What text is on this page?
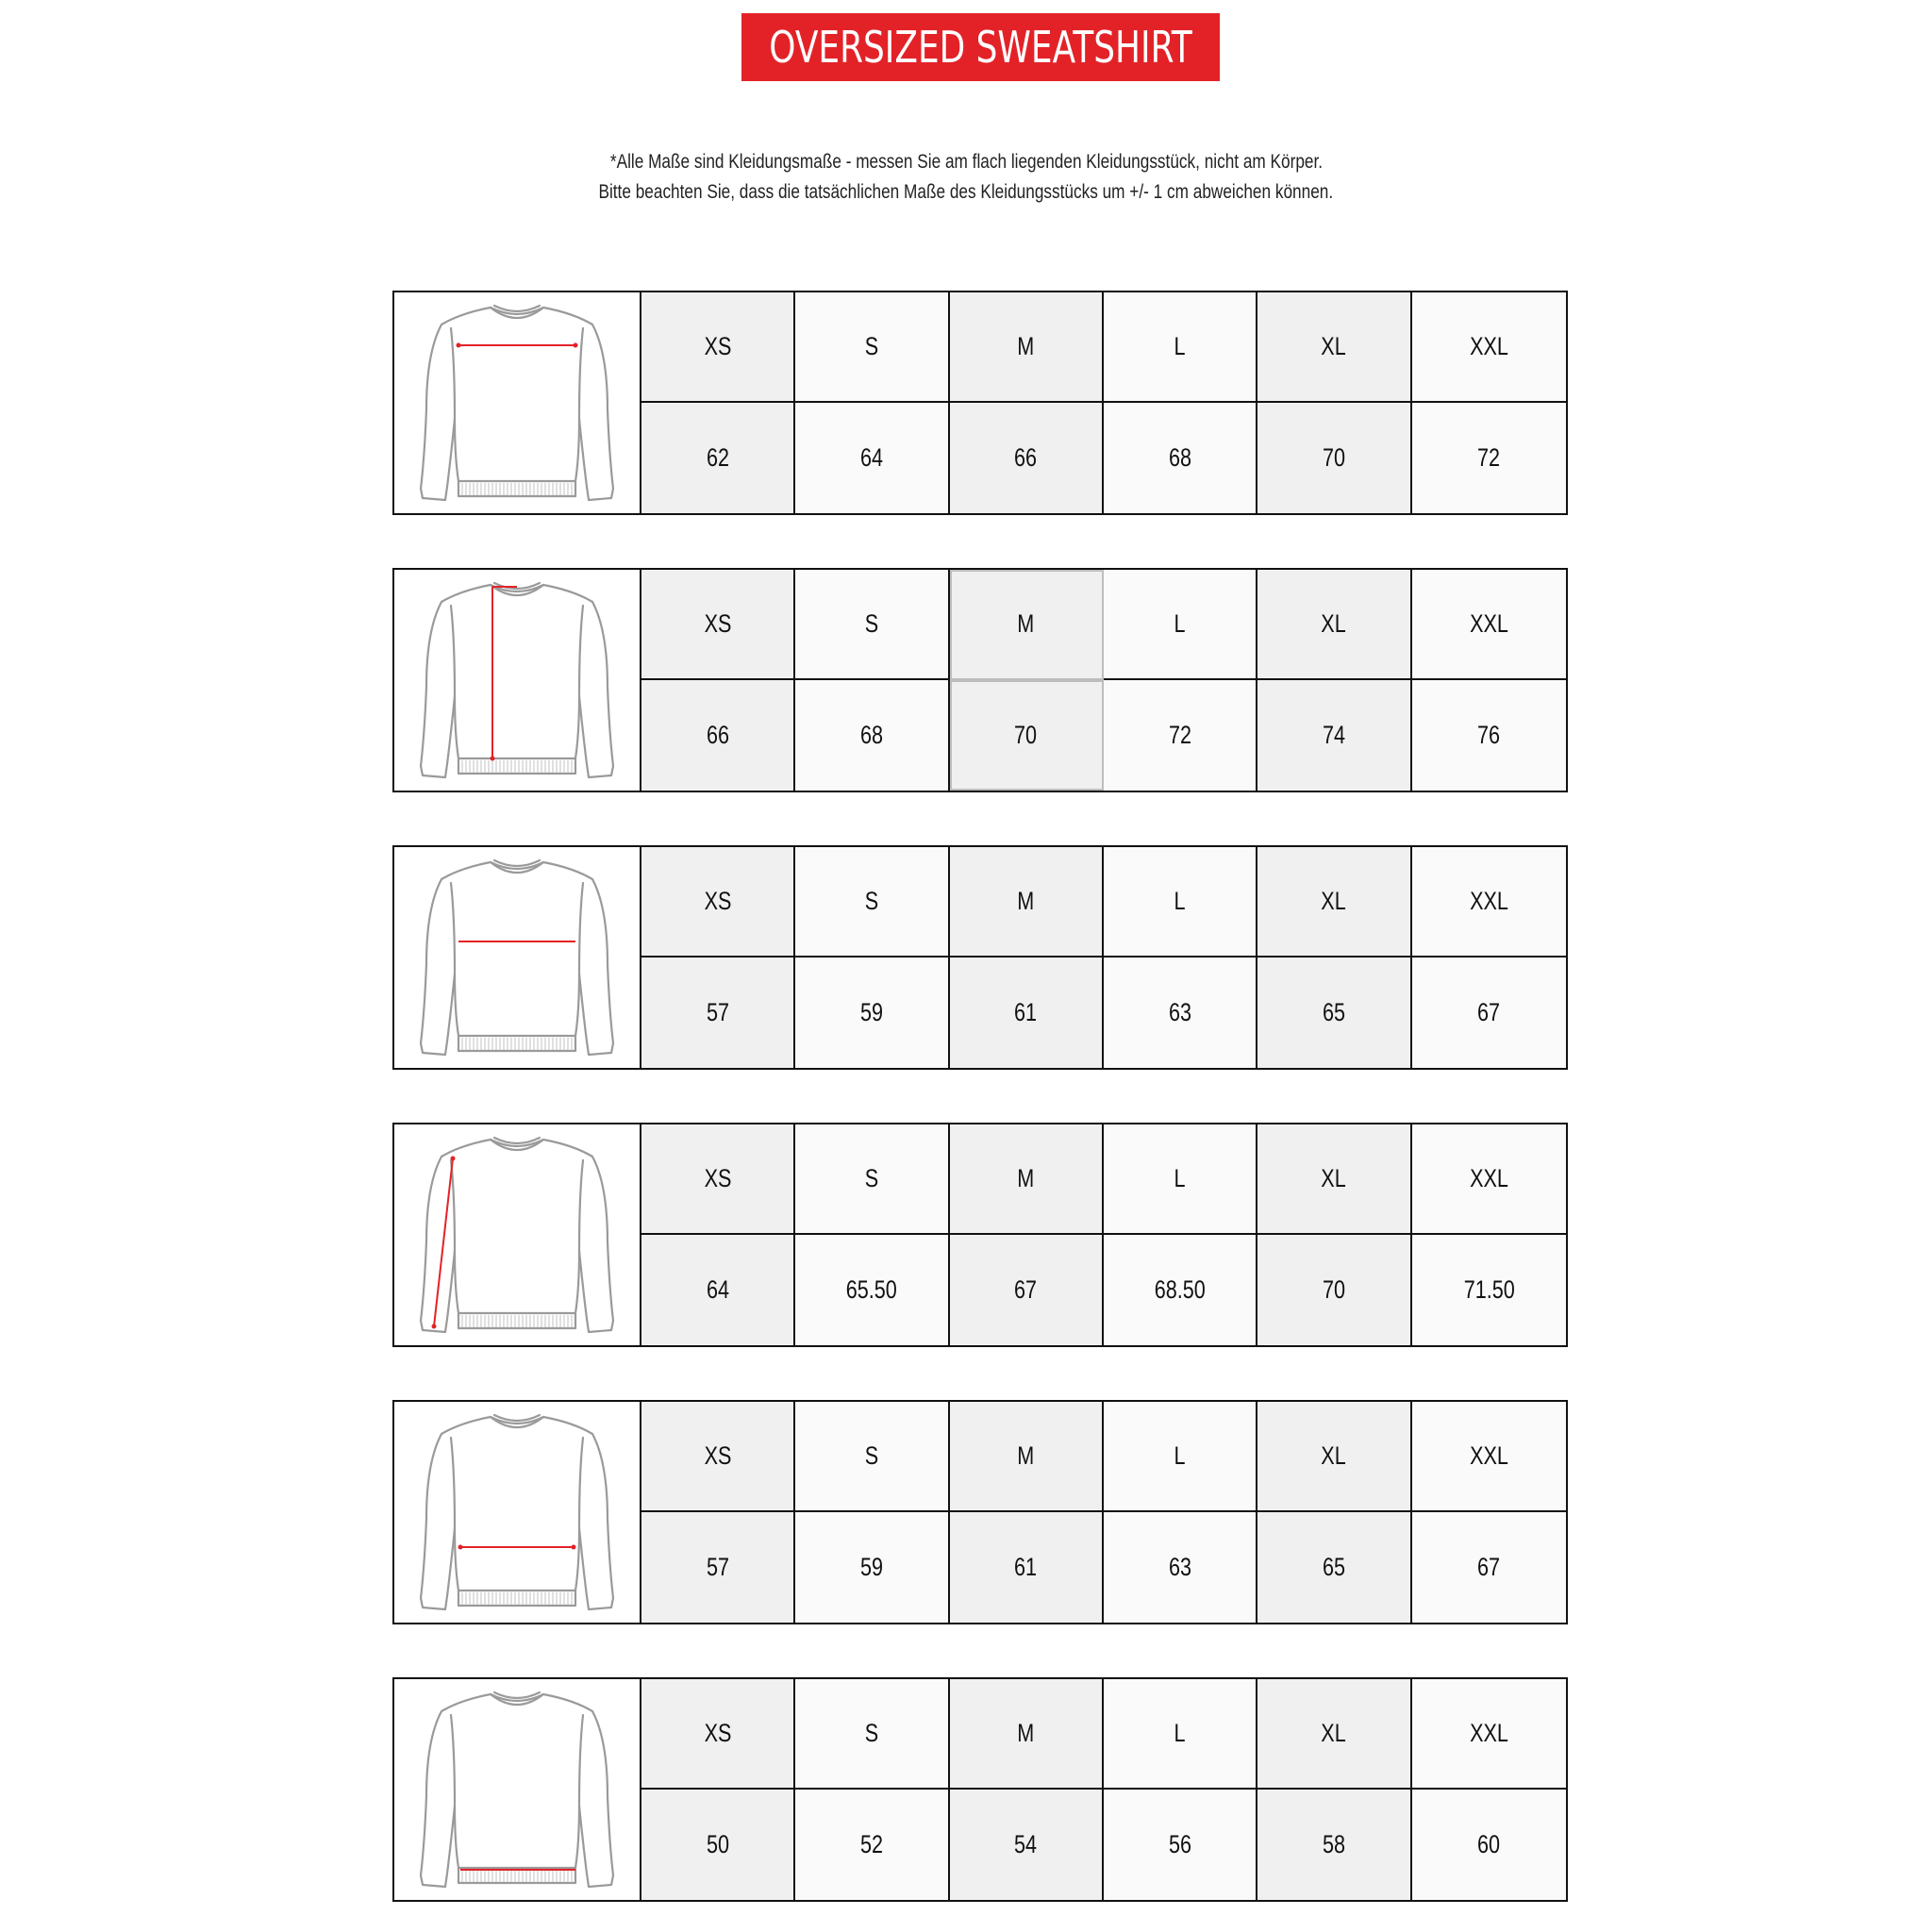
OVERSIZED SWEATSHIRT
*Alle Maße sind Kleidungsmaße - messen Sie am flach liegenden Kleidungsstück, nicht am Körper.
Bitte beachten Sie, dass die tatsächlichen Maße des Kleidungsstücks um +/- 1 cm abweichen können.
XS	S	M	L	XL	XXL
62	64	66	68	70	72
XS	S	M	L	XL	XXL
66	68	70	72	74	76
XS	S	M	L	XL	XXL
57	59	61	63	65	67
XS	S	M	L	XL	XXL
64	65.50	67	68.50	70	71.50
XS	S	M	L	XL	XXL
57	59	61	63	65	67
XS	S	M	L	XL	XXL
50	52	54	56	58	60
